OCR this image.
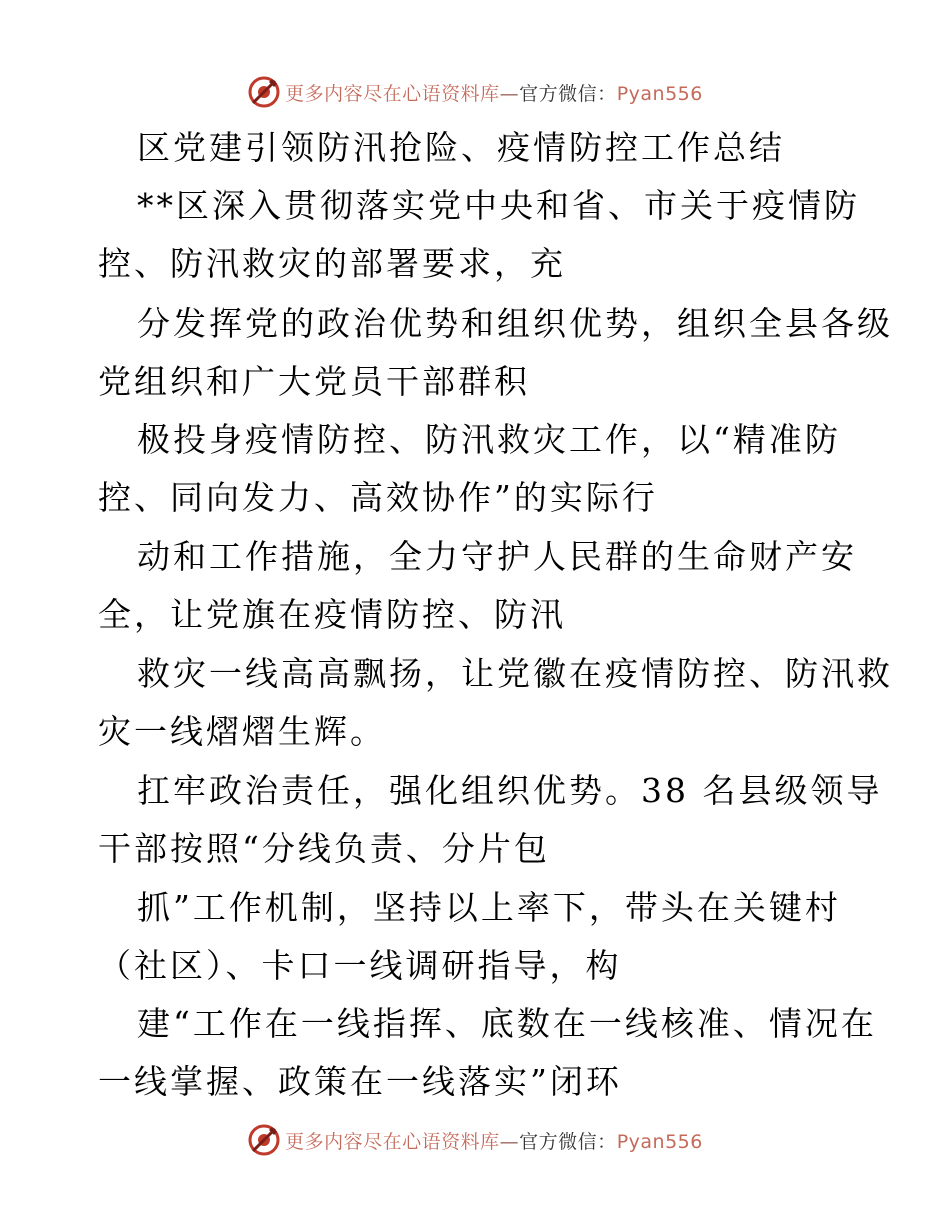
更多内容尽在心语资料库—官方微信：Pyan556
区党建引领防汛抢险、疫情防控工作总结
**区深入贯彻落实党中央和省、市关于疫情防
控、防汛救灾的部署要求，充
分发挥党的政治优势和组织优势，组织全县各级
党组织和广大党员干部群积
极投身疫情防控、防汛救灾工作，以“精准防
控、同向发力、高效协作”的实际行
动和工作措施，全力守护人民群的生命财产安
全，让党旗在疫情防控、防汛
救灾一线高高飘扬，让党徽在疫情防控、防汛救
灾一线熠熠生辉。
扛牢政治责任，强化组织优势。38 名县级领导
干部按照“分线负责、分片包
抓”工作机制，坚持以上率下，带头在关键村
（社区）、卡口一线调研指导，构
建“工作在一线指挥、底数在一线核准、情况在
一线掌握、政策在一线落实”闭环
更多内容尽在心语资料库—官方微信：Pyan556
